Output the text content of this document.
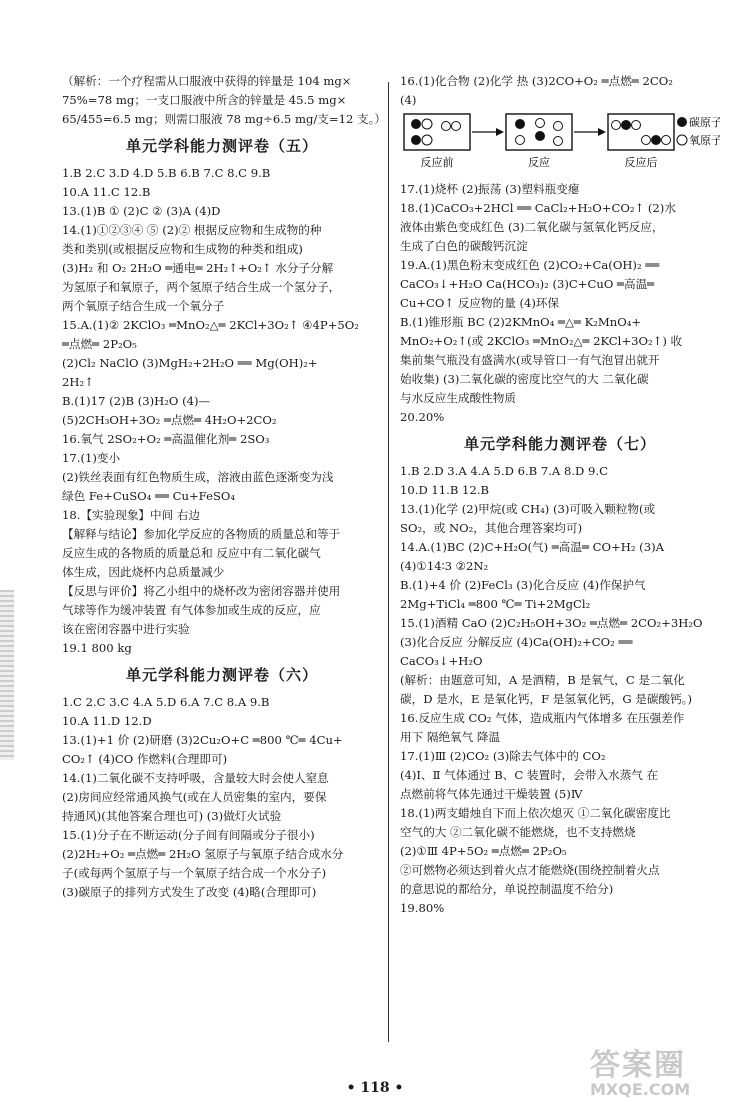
（解析：一个疗程需从口服液中获得的锌量是 104 mg×
75%=78 mg；一支口服液中所含的锌量是 45.5 mg×
65/455=6.5 mg；则需口服液 78 mg÷6.5 mg/支=12 支。）
单元学科能力测评卷（五）
1.B 2.C 3.D 4.D 5.B 6.B 7.C 8.C 9.B
10.A 11.C 12.B
13.(1)B ① (2)C ② (3)A (4)D
14.(1)①②③④ ⑤ (2)② 根据反应物和生成物的种
类和类别(或根据反应物和生成物的种类和组成)
(3)H₂ 和 O₂ 2H₂O ═通电═ 2H₂↑+O₂↑ 水分子分解
为氢原子和氧原子，两个氢原子结合生成一个氢分子，
两个氧原子结合生成一个氧分子
15.A.(1)② 2KClO₃ ═MnO₂△═ 2KCl+3O₂↑ ④4P+5O₂
═点燃═ 2P₂O₅
(2)Cl₂ NaClO (3)MgH₂+2H₂O ══ Mg(OH)₂+
2H₂↑
B.(1)17 (2)B (3)H₂O (4)—
(5)2CH₃OH+3O₂ ═点燃═ 4H₂O+2CO₂
16.氧气 2SO₂+O₂ ═高温催化剂═ 2SO₃
17.(1)变小
(2)铁丝表面有红色物质生成，溶液由蓝色逐渐变为浅
绿色 Fe+CuSO₄ ══ Cu+FeSO₄
18.【实验现象】中间 右边
【解释与结论】参加化学反应的各物质的质量总和等于
反应生成的各物质的质量总和 反应中有二氧化碳气
体生成，因此烧杯内总质量减少
【反思与评价】将乙小组中的烧杯改为密闭容器并使用
气球等作为缓冲装置 有气体参加或生成的反应，应
该在密闭容器中进行实验
19.1 800 kg
单元学科能力测评卷（六）
1.C 2.C 3.C 4.A 5.D 6.A 7.C 8.A 9.B
10.A 11.D 12.D
13.(1)+1 价 (2)研磨 (3)2Cu₂O+C ═800 ℃═ 4Cu+
CO₂↑ (4)CO 作燃料(合理即可)
14.(1)二氧化碳不支持呼吸，含量较大时会使人窒息
(2)房间应经常通风换气(或在人员密集的室内，要保
持通风)(其他答案合理也可) (3)做灯火试验
15.(1)分子在不断运动(分子间有间隔或分子很小)
(2)2H₂+O₂ ═点燃═ 2H₂O 氢原子与氧原子结合成水分
子(或每两个氢原子与一个氧原子结合成一个水分子)
(3)碳原子的排列方式发生了改变 (4)略(合理即可)
16.(1)化合物 (2)化学 热 (3)2CO+O₂ ═点燃═ 2CO₂
(4)
碳原子
氧原子
反应前	反应	反应后
17.(1)烧杯 (2)振荡 (3)塑料瓶变瘪
18.(1)CaCO₃+2HCl ══ CaCl₂+H₂O+CO₂↑ (2)水
液体由紫色变成红色 (3)二氧化碳与氢氧化钙反应，
生成了白色的碳酸钙沉淀
19.A.(1)黑色粉末变成红色 (2)CO₂+Ca(OH)₂ ══
CaCO₃↓+H₂O Ca(HCO₃)₂ (3)C+CuO ═高温═
Cu+CO↑ 反应物的量 (4)环保
B.(1)锥形瓶 BC (2)2KMnO₄ ═△═ K₂MnO₄+
MnO₂+O₂↑(或 2KClO₃ ═MnO₂△═ 2KCl+3O₂↑) 收
集前集气瓶没有盛满水(或导管口一有气泡冒出就开
始收集) (3)二氧化碳的密度比空气的大 二氧化碳
与水反应生成酸性物质
20.20%
单元学科能力测评卷（七）
1.B 2.D 3.A 4.A 5.D 6.B 7.A 8.D 9.C
10.D 11.B 12.B
13.(1)化学 (2)甲烷(或 CH₄) (3)可吸入颗粒物(或
SO₂，或 NO₂，其他合理答案均可)
14.A.(1)BC (2)C+H₂O(气) ═高温═ CO+H₂ (3)A
(4)①14∶3 ②2N₂
B.(1)+4 价 (2)FeCl₃ (3)化合反应 (4)作保护气
2Mg+TiCl₄ ═800 ℃═ Ti+2MgCl₂
15.(1)酒精 CaO (2)C₂H₅OH+3O₂ ═点燃═ 2CO₂+3H₂O
(3)化合反应 分解反应 (4)Ca(OH)₂+CO₂ ══
CaCO₃↓+H₂O
(解析：由题意可知，A 是酒精，B 是氧气，C 是二氧化
碳，D 是水，E 是氧化钙，F 是氢氧化钙，G 是碳酸钙。)
16.反应生成 CO₂ 气体，造成瓶内气体增多 在压强差作
用下 隔绝氧气 降温
17.(1)Ⅲ (2)CO₂ (3)除去气体中的 CO₂
(4)Ⅰ、Ⅱ 气体通过 B、C 装置时，会带入水蒸气 在
点燃前将气体先通过干燥装置 (5)Ⅳ
18.(1)两支蜡烛自下而上依次熄灭 ①二氧化碳密度比
空气的大 ②二氧化碳不能燃烧，也不支持燃烧
(2)①Ⅲ 4P+5O₂ ═点燃═ 2P₂O₅
②可燃物必须达到着火点才能燃烧(围绕控制着火点
的意思说的都给分，单说控制温度不给分)
19.80%
• 118 •
答案圈
MXQE.COM
